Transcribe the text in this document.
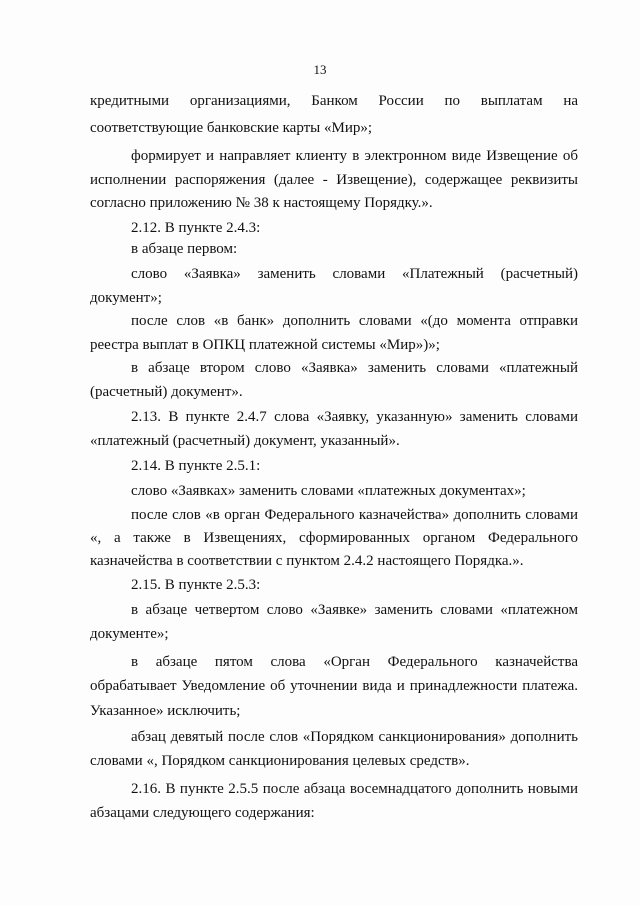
13
кредитными организациями, Банком России по выплатам на
соответствующие банковские карты «Мир»;
формирует и направляет клиенту в электронном виде Извещение об
исполнении распоряжения (далее - Извещение), содержащее реквизиты
согласно приложению № 38 к настоящему Порядку.».
2.12. В пункте 2.4.3:
в абзаце первом:
слово «Заявка» заменить словами «Платежный (расчетный)
документ»;
после слов «в банк» дополнить словами «(до момента отправки
реестра выплат в ОПКЦ платежной системы «Мир»)»;
в абзаце втором слово «Заявка» заменить словами «платежный
(расчетный) документ».
2.13. В пункте 2.4.7 слова «Заявку, указанную» заменить словами
«платежный (расчетный) документ, указанный».
2.14. В пункте 2.5.1:
слово «Заявках» заменить словами «платежных документах»;
после слов «в орган Федерального казначейства» дополнить словами
«, а также в Извещениях, сформированных органом Федерального
казначейства в соответствии с пунктом 2.4.2 настоящего Порядка.».
2.15. В пункте 2.5.3:
в абзаце четвертом слово «Заявке» заменить словами «платежном
документе»;
в абзаце пятом слова «Орган Федерального казначейства
обрабатывает Уведомление об уточнении вида и принадлежности платежа.
Указанное» исключить;
абзац девятый после слов «Порядком санкционирования» дополнить
словами «, Порядком санкционирования целевых средств».
2.16. В пункте 2.5.5 после абзаца восемнадцатого дополнить новыми
абзацами следующего содержания:
